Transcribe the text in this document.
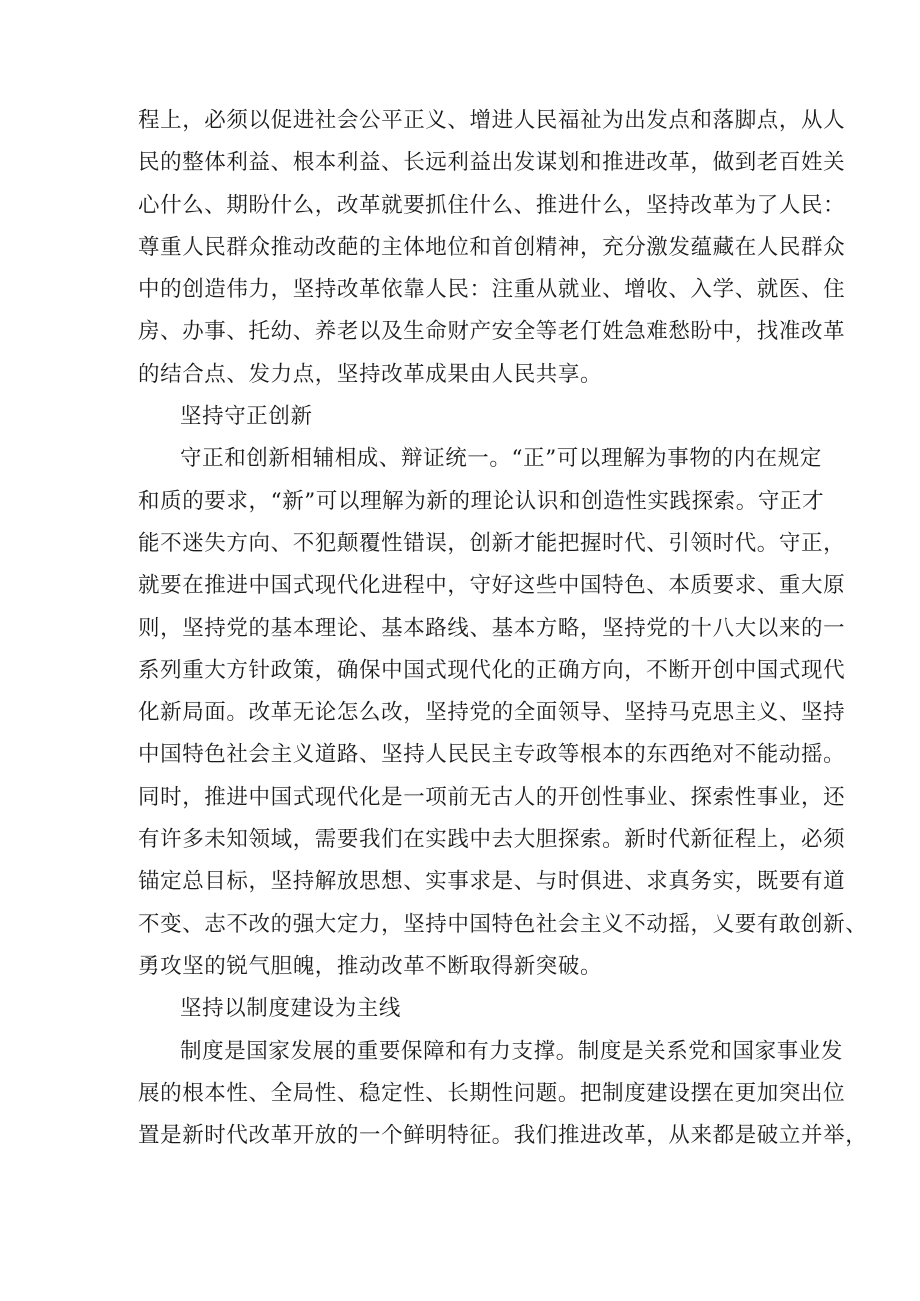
程上，必须以促进社会公平正义、增进人民福祉为出发点和落脚点，从人
民的整体利益、根本利益、长远利益出发谋划和推进改革，做到老百姓关
心什么、期盼什么，改革就要抓住什么、推进什么，坚持改革为了人民：
尊重人民群众推动改葩的主体地位和首创精神，充分激发蕴藏在人民群众
中的创造伟力，坚持改革依靠人民：注重从就业、增收、入学、就医、住
房、办事、托幼、养老以及生命财产安全等老仃姓急难愁盼中，找准改革
的结合点、发力点，坚持改革成果由人民共享。
坚持守正创新
守正和创新相辅相成、辩证统一。“正”可以理解为事物的内在规定
和质的要求，“新”可以理解为新的理论认识和创造性实践探索。守正才
能不迷失方向、不犯颠覆性错误，创新才能把握时代、引领时代。守正，
就要在推进中国式现代化进程中，守好这些中国特色、本质要求、重大原
则，坚持党的基本理论、基本路线、基本方略，坚持党的十八大以来的一
系列重大方针政策，确保中国式现代化的正确方向，不断开创中国式现代
化新局面。改革无论怎么改，坚持党的全面领导、坚持马克思主义、坚持
中国特色社会主义道路、坚持人民民主专政等根本的东西绝对不能动摇。
同时，推进中国式现代化是一项前无古人的开创性事业、探索性事业，还
有许多未知领域，需要我们在实践中去大胆探索。新时代新征程上，必须
锚定总目标，坚持解放思想、实事求是、与时俱进、求真务实，既要有道
不变、志不改的强大定力，坚持中国特色社会主义不动摇，乂要有敢创新、
勇攻坚的锐气胆魄，推动改革不断取得新突破。
坚持以制度建设为主线
制度是国家发展的重要保障和有力支撑。制度是关系党和国家事业发
展的根本性、全局性、稳定性、长期性问题。把制度建设摆在更加突出位
置是新时代改革开放的一个鲜明特征。我们推进改革，从来都是破立并举，
